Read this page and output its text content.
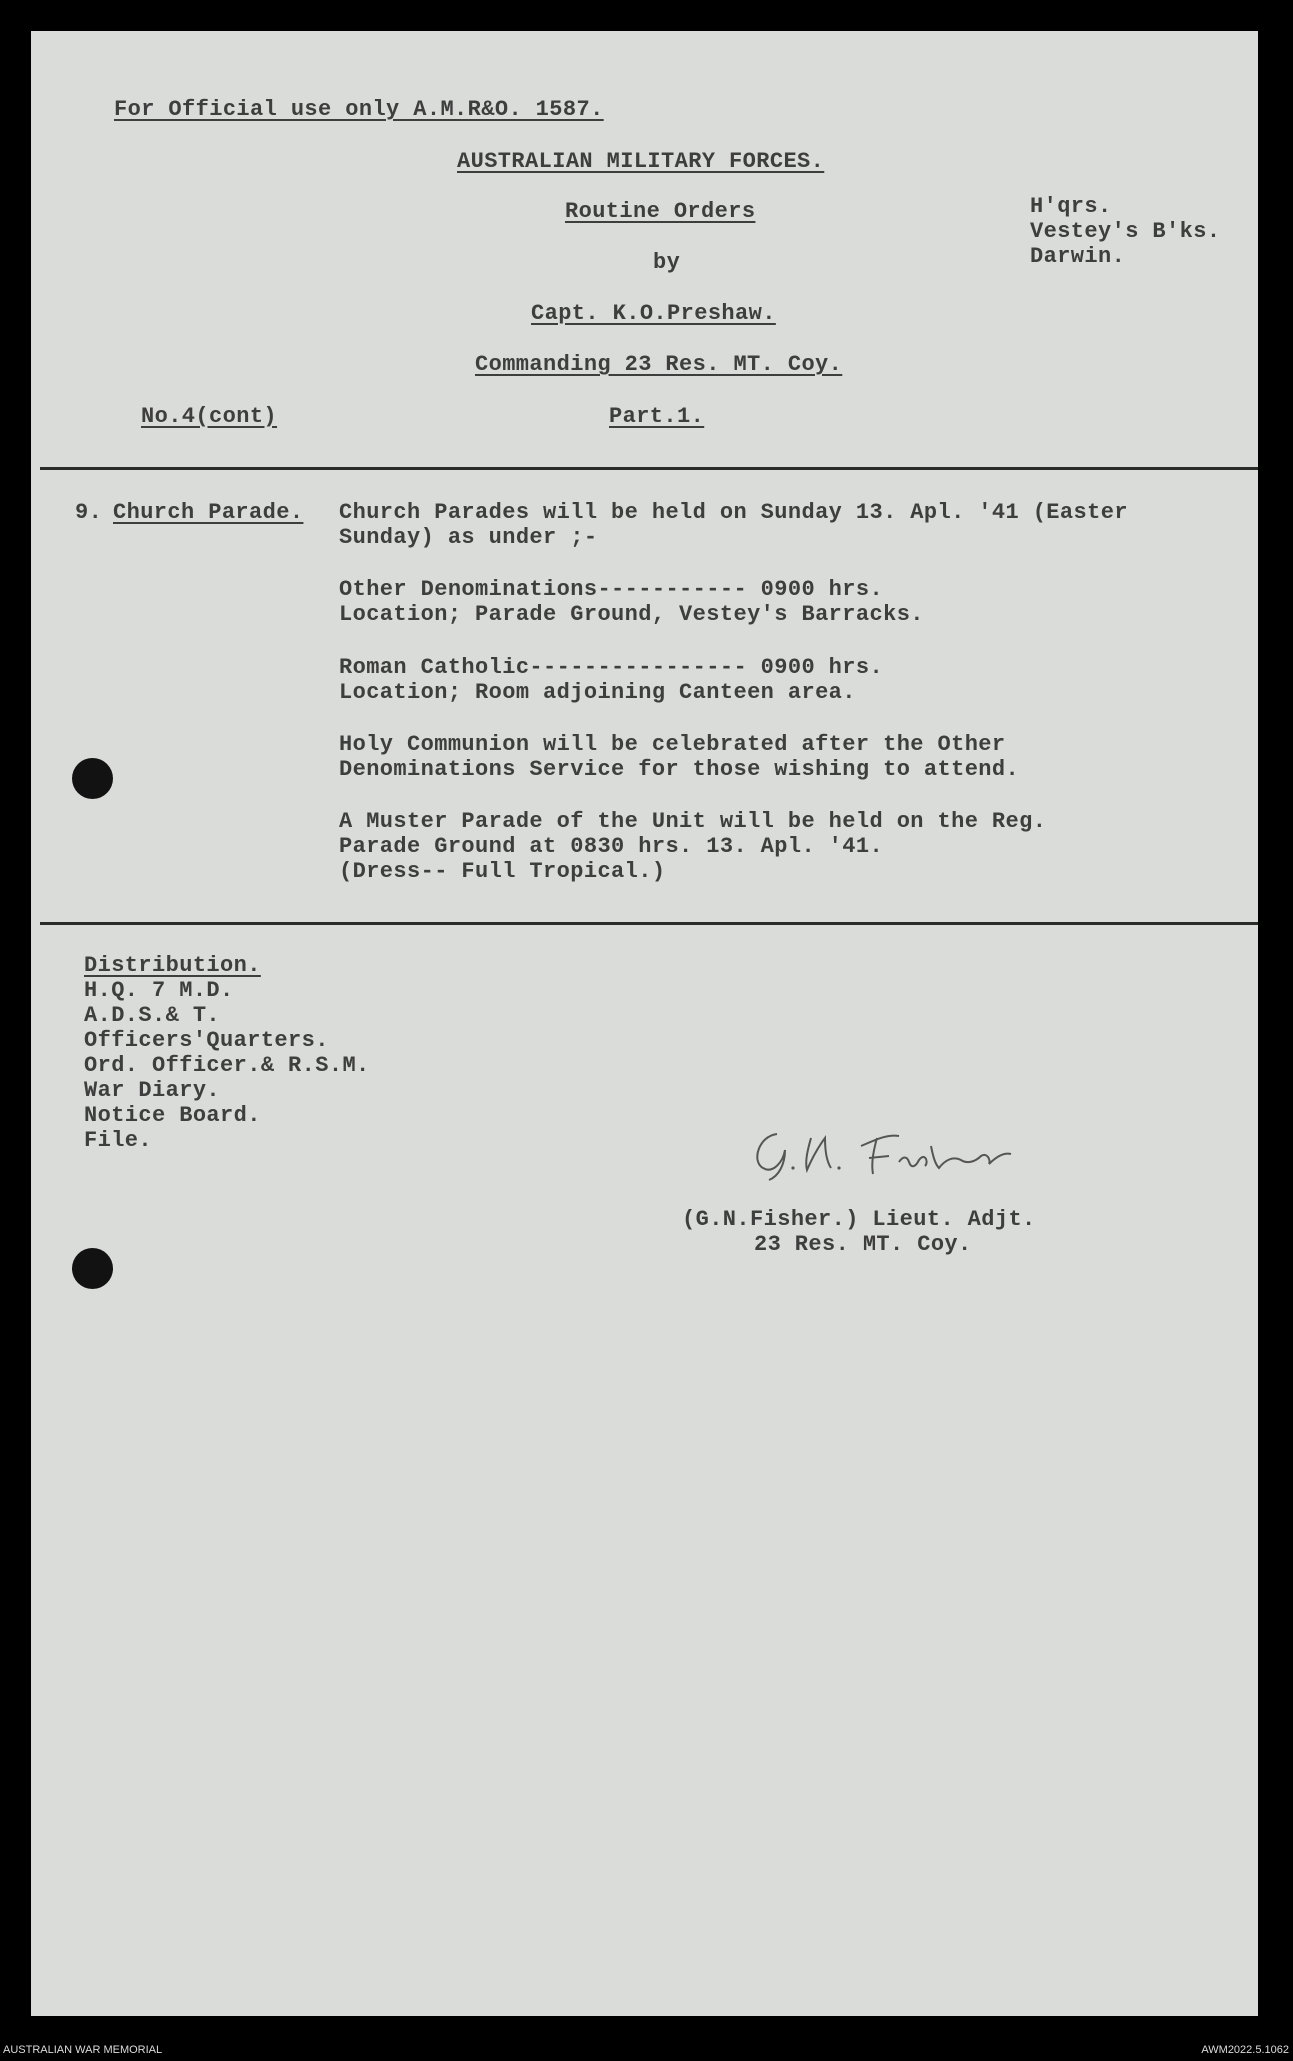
For Official use only A.M.R&O. 1587.
AUSTRALIAN MILITARY FORCES.
Routine Orders
by
Capt. K.O.Preshaw.
Commanding 23 Res. MT. Coy.
No.4(cont)	Part.1.
H'qrs.
Vestey's B'ks.
Darwin.
9. Church Parade. Church Parades will be held on Sunday 13. Apl. '41 (Easter
Sunday) as under ;-
Other Denominations----------- 0900 hrs.
Location; Parade Ground, Vestey's Barracks.
Roman Catholic---------------- 0900 hrs.
Location; Room adjoining Canteen area.
Holy Communion will be celebrated after the Other
Denominations Service for those wishing to attend.
A Muster Parade of the Unit will be held on the Reg.
Parade Ground at 0830 hrs. 13. Apl. '41.
(Dress-- Full Tropical.)
Distribution.
H.Q. 7 M.D.
A.D.S.& T.
Officers'Quarters.
Ord. Officer.& R.S.M.
War Diary.
Notice Board.
File.
(G.N.Fisher.) Lieut. Adjt.
23 Res. MT. Coy.
AUSTRALIAN WAR MEMORIAL	AWM2022.5.1062
